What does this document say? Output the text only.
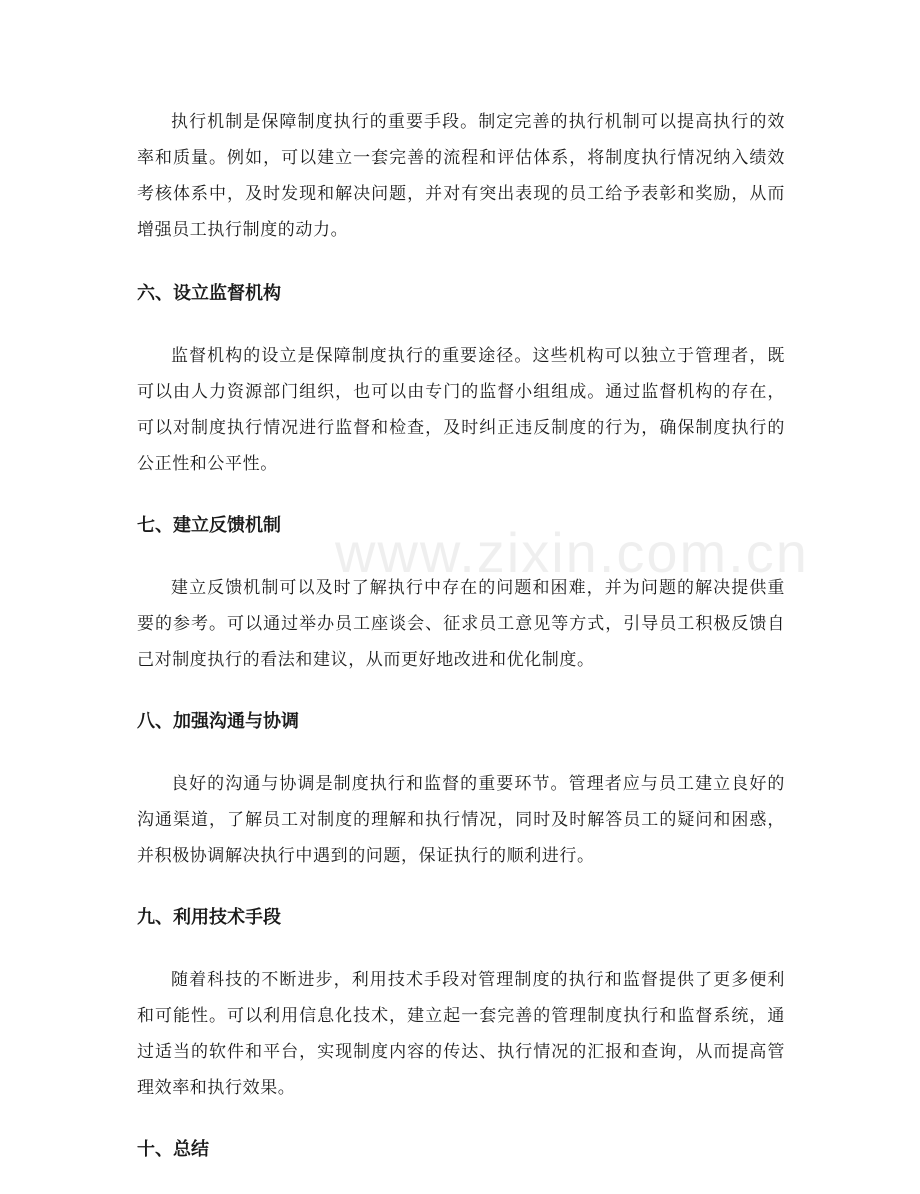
www.zixin.com.cn

执行机制是保障制度执行的重要手段。制定完善的执行机制可以提高执行的效率和质量。例如，可以建立一套完善的流程和评估体系，将制度执行情况纳入绩效考核体系中，及时发现和解决问题，并对有突出表现的员工给予表彰和奖励，从而增强员工执行制度的动力。

六、设立监督机构

监督机构的设立是保障制度执行的重要途径。这些机构可以独立于管理者，既可以由人力资源部门组织，也可以由专门的监督小组组成。通过监督机构的存在，可以对制度执行情况进行监督和检查，及时纠正违反制度的行为，确保制度执行的公正性和公平性。

七、建立反馈机制

建立反馈机制可以及时了解执行中存在的问题和困难，并为问题的解决提供重要的参考。可以通过举办员工座谈会、征求员工意见等方式，引导员工积极反馈自己对制度执行的看法和建议，从而更好地改进和优化制度。

八、加强沟通与协调

良好的沟通与协调是制度执行和监督的重要环节。管理者应与员工建立良好的沟通渠道，了解员工对制度的理解和执行情况，同时及时解答员工的疑问和困惑，并积极协调解决执行中遇到的问题，保证执行的顺利进行。

九、利用技术手段

随着科技的不断进步，利用技术手段对管理制度的执行和监督提供了更多便利和可能性。可以利用信息化技术，建立起一套完善的管理制度执行和监督系统，通过适当的软件和平台，实现制度内容的传达、执行情况的汇报和查询，从而提高管理效率和执行效果。

十、总结
